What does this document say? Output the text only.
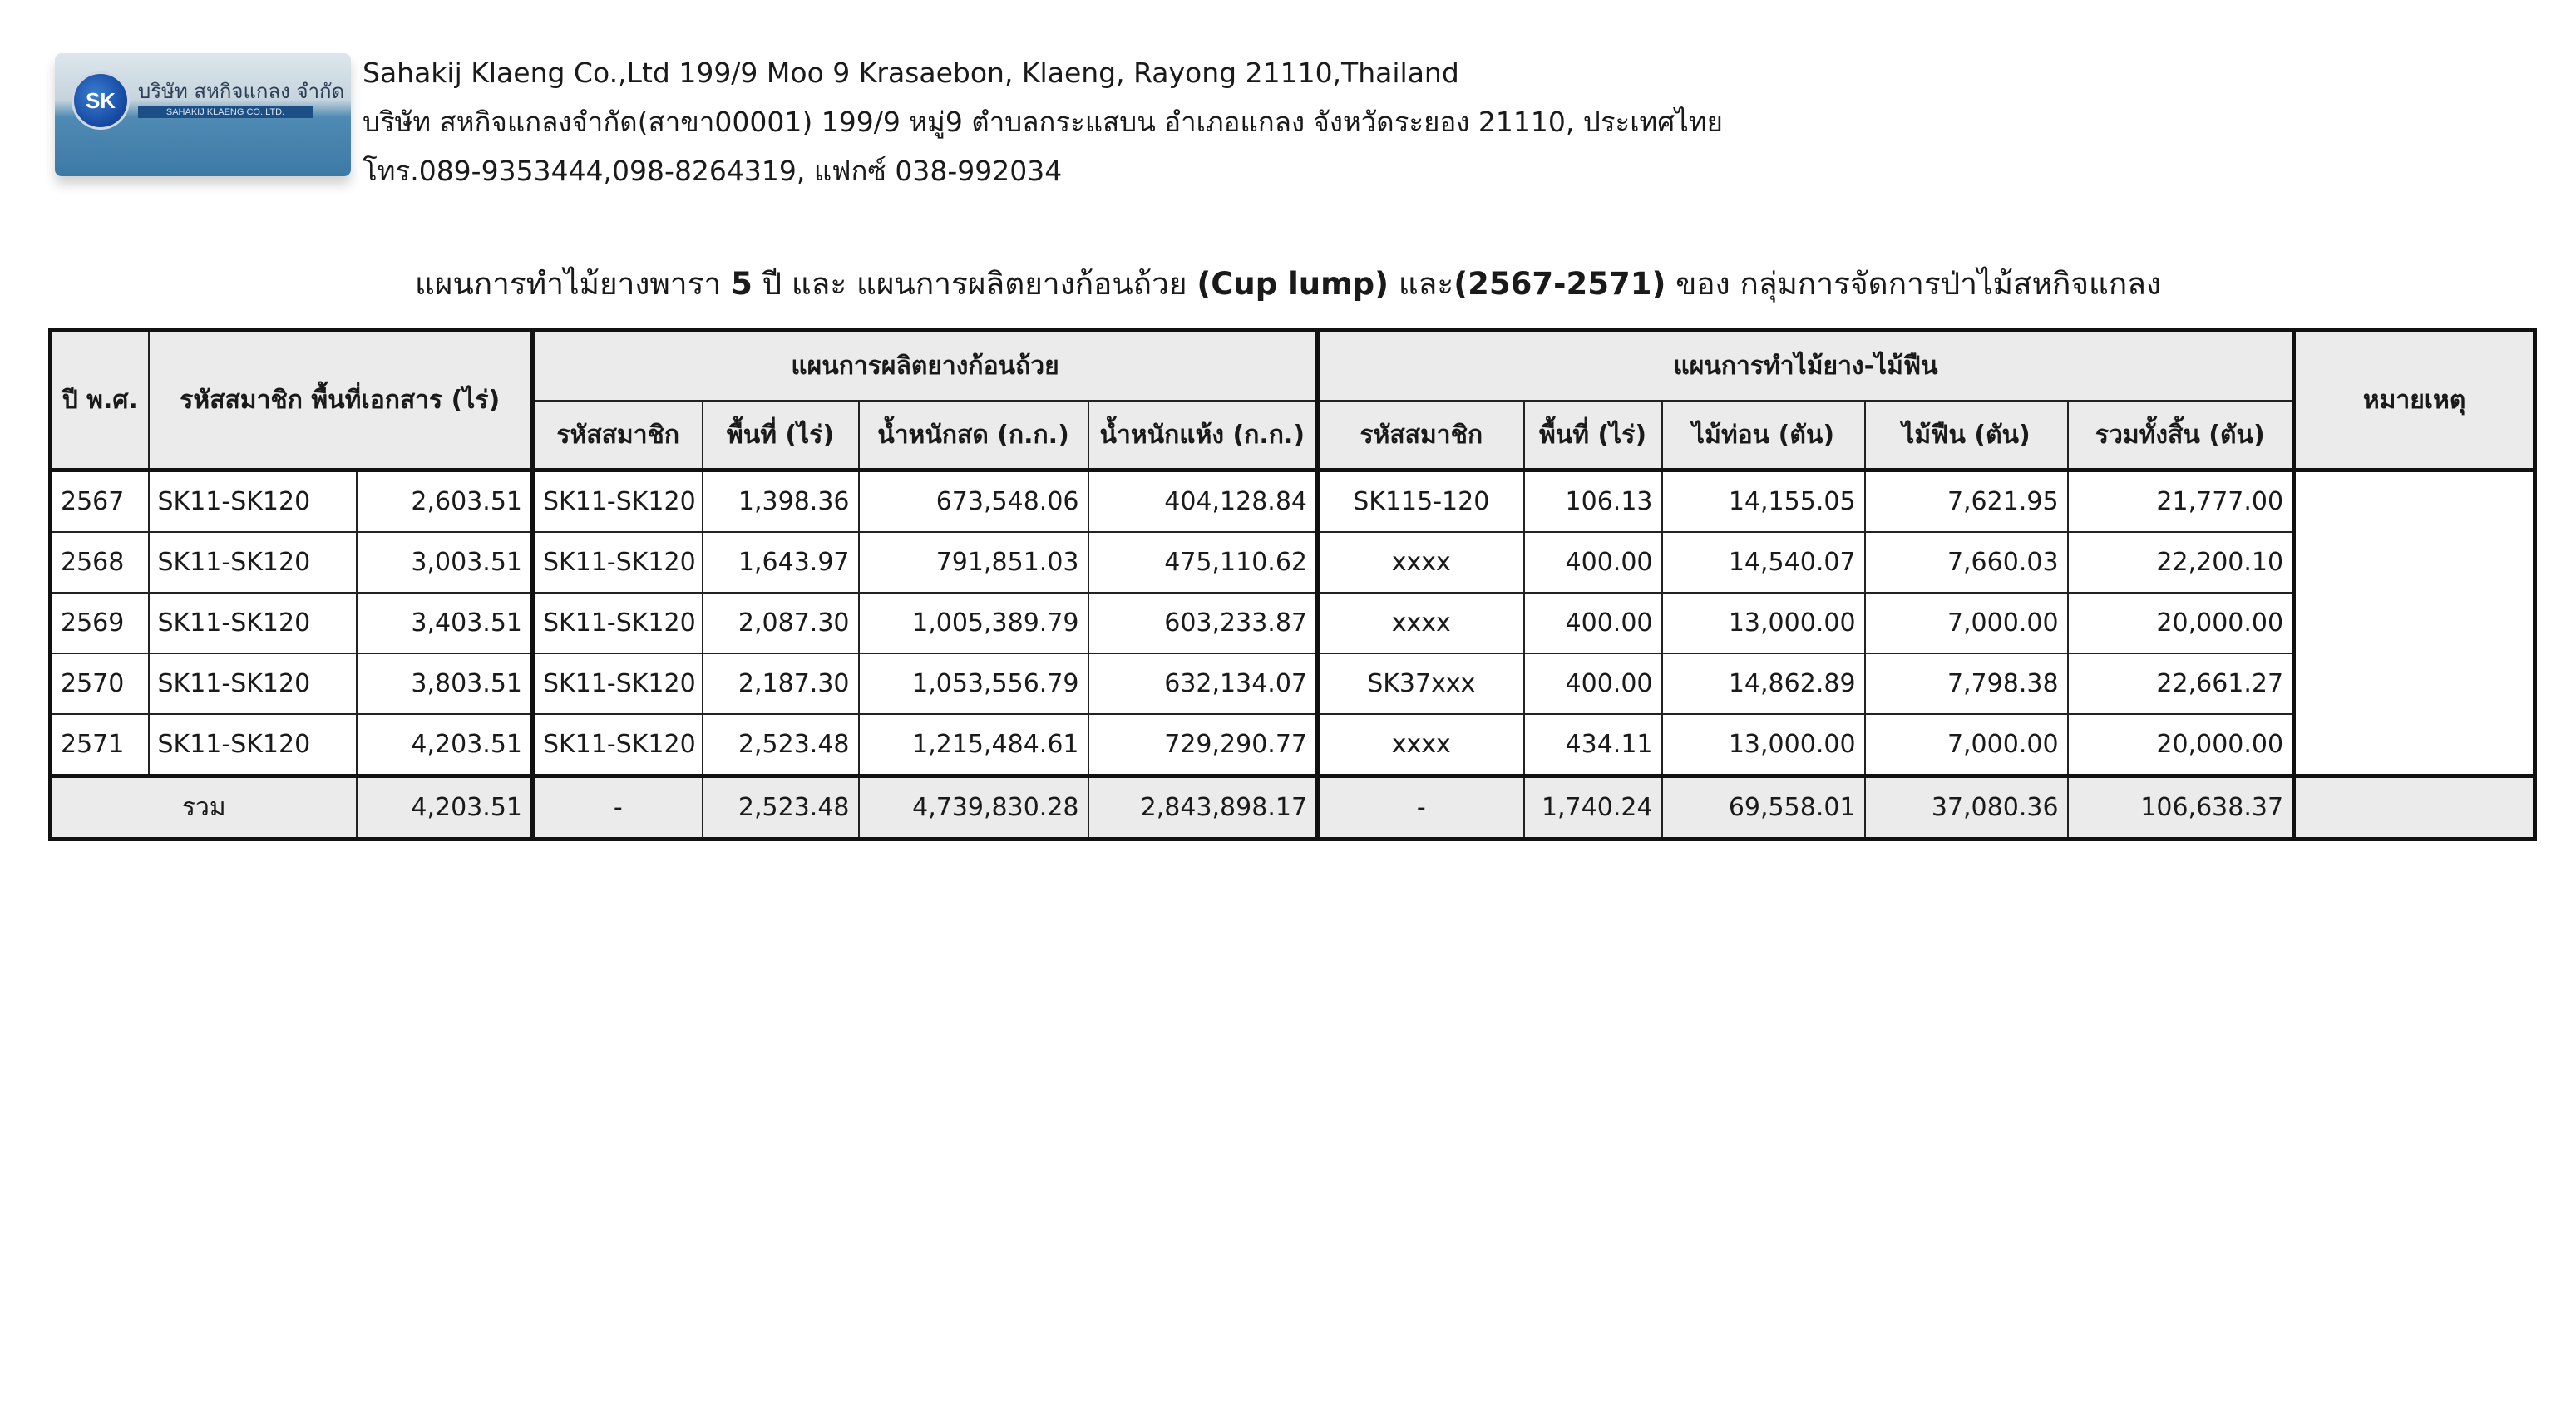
SK	บริษัท สหกิจแกลง จำกัด
SAHAKIJ KLAENG CO.,LTD.
Sahakij Klaeng Co.,Ltd 199/9 Moo 9 Krasaebon, Klaeng, Rayong 21110,Thailand
บริษัท สหกิจแกลงจำกัด(สาขา00001) 199/9 หมู่9 ตำบลกระแสบน อำเภอแกลง จังหวัดระยอง 21110, ประเทศไทย
โทร.089-9353444,098-8264319, แฟกซ์ 038-992034
แผนการทำไม้ยางพารา 5 ปี และ แผนการผลิตยางก้อนถ้วย (Cup lump) และ(2567-2571) ของ กลุ่มการจัดการป่าไม้สหกิจแกลง
ปี พ.ศ.	รหัสสมาชิก พื้นที่เอกสาร (ไร่)		แผนการผลิตยางก้อนถ้วย				แผนการทำไม้ยาง-ไม้ฟืน					หมายเหตุ
			รหัสสมาชิก	พื้นที่ (ไร่)	น้ำหนักสด (ก.ก.)	น้ำหนักแห้ง (ก.ก.)	รหัสสมาชิก	พื้นที่ (ไร่)	ไม้ท่อน (ตัน)	ไม้ฟืน (ตัน)	รวมทั้งสิ้น (ตัน)	
2567	SK11-SK120	2,603.51	SK11-SK120	1,398.36	673,548.06	404,128.84	SK115-120	106.13	14,155.05	7,621.95	21,777.00	
2568	SK11-SK120	3,003.51	SK11-SK120	1,643.97	791,851.03	475,110.62	xxxx	400.00	14,540.07	7,660.03	22,200.10	
2569	SK11-SK120	3,403.51	SK11-SK120	2,087.30	1,005,389.79	603,233.87	xxxx	400.00	13,000.00	7,000.00	20,000.00	
2570	SK11-SK120	3,803.51	SK11-SK120	2,187.30	1,053,556.79	632,134.07	SK37xxx	400.00	14,862.89	7,798.38	22,661.27	
2571	SK11-SK120	4,203.51	SK11-SK120	2,523.48	1,215,484.61	729,290.77	xxxx	434.11	13,000.00	7,000.00	20,000.00	
รวม		4,203.51	-	2,523.48	4,739,830.28	2,843,898.17	-	1,740.24	69,558.01	37,080.36	106,638.37	
